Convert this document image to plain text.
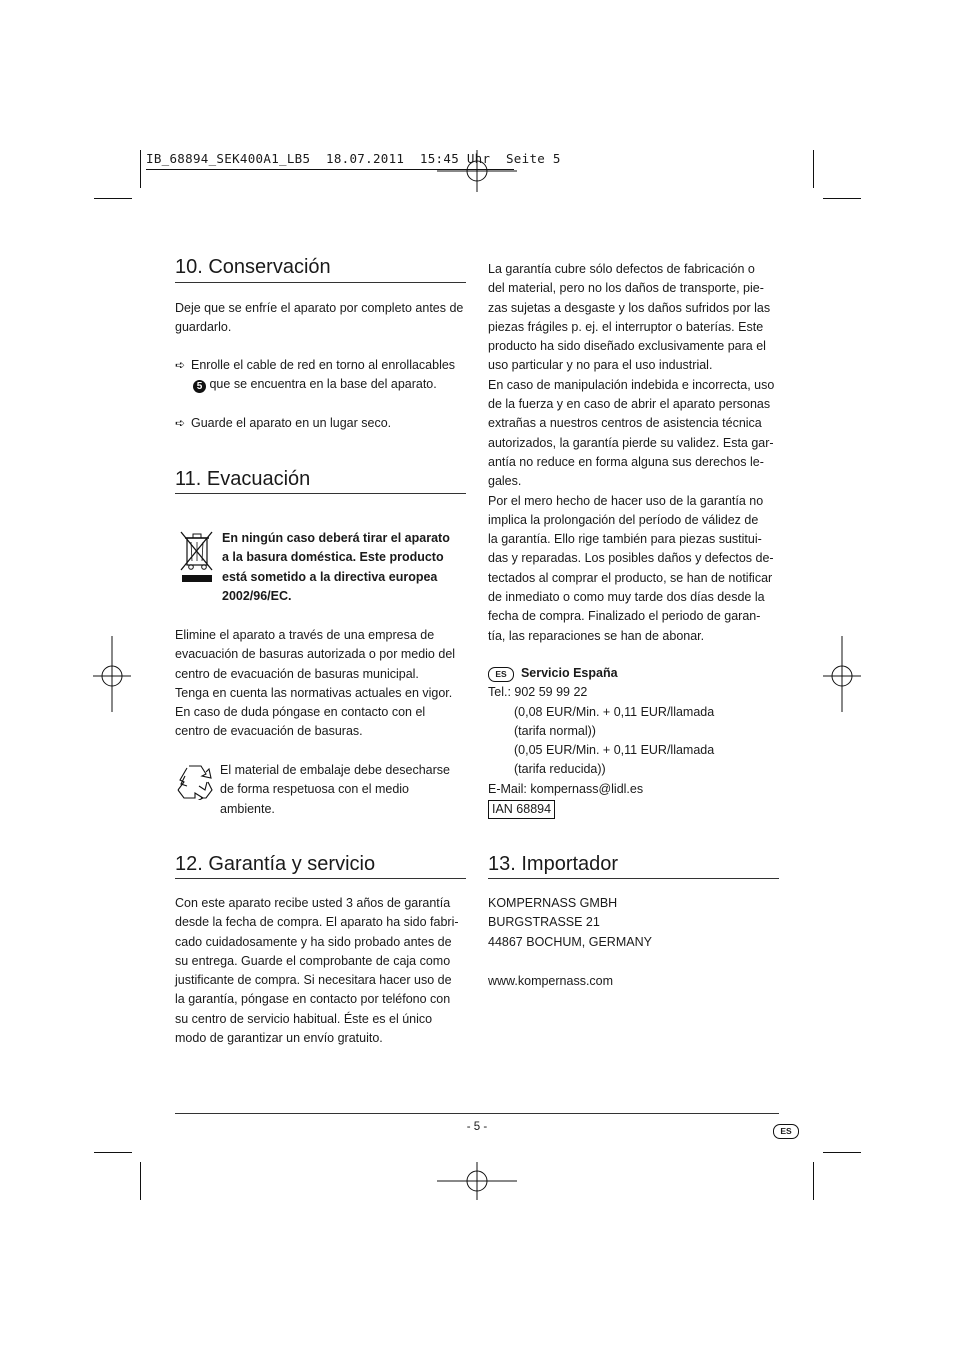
IB_68894_SEK400A1_LB5  18.07.2011  15:45 Uhr  Seite 5
10. Conservación

Deje que se enfríe el aparato por completo antes de guardarlo.

➪ Enrolle el cable de red en torno al enrollacables

5 que se encuentra en la base del aparato.

➪ Guarde el aparato en un lugar seco.

11. Evacuación

En ningún caso deberá tirar el aparato

a la basura doméstica. Este producto

está sometido a la directiva europea

2002/96/EC.

Elimine el aparato a través de una empresa de

evacuación de basuras autorizada o por medio del

centro de evacuación de basuras municipal.

Tenga en cuenta las normativas actuales en vigor.

En caso de duda póngase en contacto con el

centro de evacuación de basuras.

El material de embalaje debe desecharse

de forma respetuosa con el medio

ambiente.

12. Garantía y servicio

Con este aparato recibe usted 3 años de garantía

desde la fecha de compra. El aparato ha sido fabri-

cado cuidadosamente y ha sido probado antes de

su entrega. Guarde el comprobante de caja como

justificante de compra. Si necesitara hacer uso de

la garantía, póngase en contacto por teléfono con

su centro de servicio habitual. Éste es el único

modo de garantizar un envío gratuito.

La garantía cubre sólo defectos de fabricación o

del material, pero no los daños de transporte, pie-

zas sujetas a desgaste y los daños sufridos por las

piezas frágiles p. ej. el interruptor o baterías. Este

producto ha sido diseñado exclusivamente para el

uso particular y no para el uso industrial.

En caso de manipulación indebida e incorrecta, uso

de la fuerza y en caso de abrir el aparato personas

extrañas a nuestros centros de asistencia técnica

autorizados, la garantía pierde su validez. Esta gar-

antía no reduce en forma alguna sus derechos le-

gales.

Por el mero hecho de hacer uso de la garantía no

implica la prolongación del período de válidez de

la garantía. Ello rige también para piezas sustitui-

das y reparadas. Los posibles daños y defectos de-

tectados al comprar el producto, se han de notificar

de inmediato o como muy tarde dos días desde la

fecha de compra. Finalizado el periodo de garan-

tía, las reparaciones se han de abonar.

ES Servicio España

Tel.: 902 59 99 22

(0,08 EUR/Min. + 0,11 EUR/llamada

(tarifa normal))

(0,05 EUR/Min. + 0,11 EUR/llamada

(tarifa reducida))

E-Mail: kompernass@lidl.es

IAN 68894

13. Importador

KOMPERNASS GMBH

BURGSTRASSE 21

44867 BOCHUM, GERMANY

www.kompernass.com
- 5 -	ES
